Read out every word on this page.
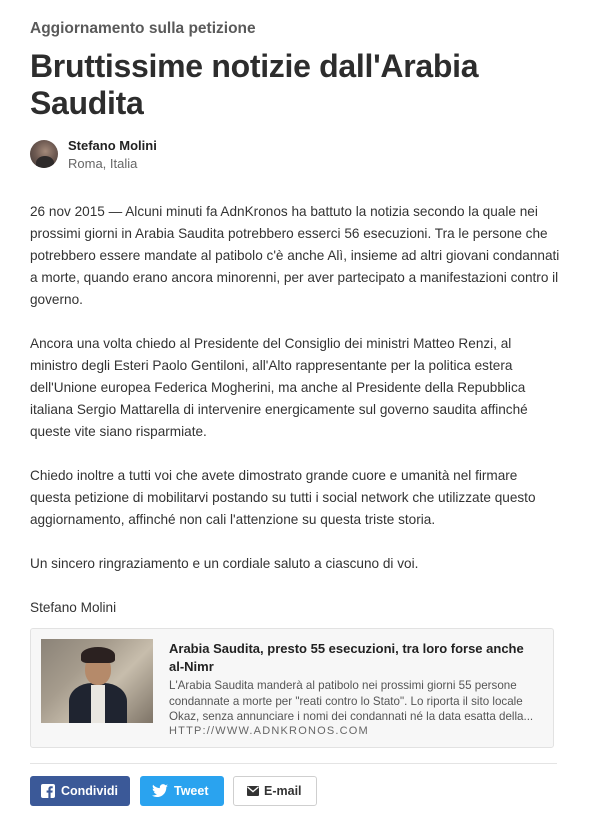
Aggiornamento sulla petizione
Bruttissime notizie dall'Arabia Saudita
Stefano Molini
Roma, Italia

26 nov 2015 — Alcuni minuti fa AdnKronos ha battuto la notizia secondo la quale nei prossimi giorni in Arabia Saudita potrebbero esserci 56 esecuzioni. Tra le persone che potrebbero essere mandate al patibolo c'è anche Alì, insieme ad altri giovani condannati a morte, quando erano ancora minorenni, per aver partecipato a manifestazioni contro il governo.

Ancora una volta chiedo al Presidente del Consiglio dei ministri Matteo Renzi, al ministro degli Esteri Paolo Gentiloni, all'Alto rappresentante per la politica estera dell'Unione europea Federica Mogherini, ma anche al Presidente della Repubblica italiana Sergio Mattarella di intervenire energicamente sul governo saudita affinché queste vite siano risparmiate.

Chiedo inoltre a tutti voi che avete dimostrato grande cuore e umanità nel firmare questa petizione di mobilitarvi postando su tutti i social network che utilizzate questo aggiornamento, affinché non cali l'attenzione su questa triste storia.

Un sincero ringraziamento e un cordiale saluto a ciascuno di voi.

Stefano Molini

Arabia Saudita, presto 55 esecuzioni, tra loro forse anche al-Nimr
L'Arabia Saudita manderà al patibolo nei prossimi giorni 55 persone condannate a morte per "reati contro lo Stato". Lo riporta il sito locale Okaz, senza annunciare i nomi dei condannati né la data esatta della...
HTTP://WWW.ADNKRONOS.COM
Condividi	Tweet	E-mail
